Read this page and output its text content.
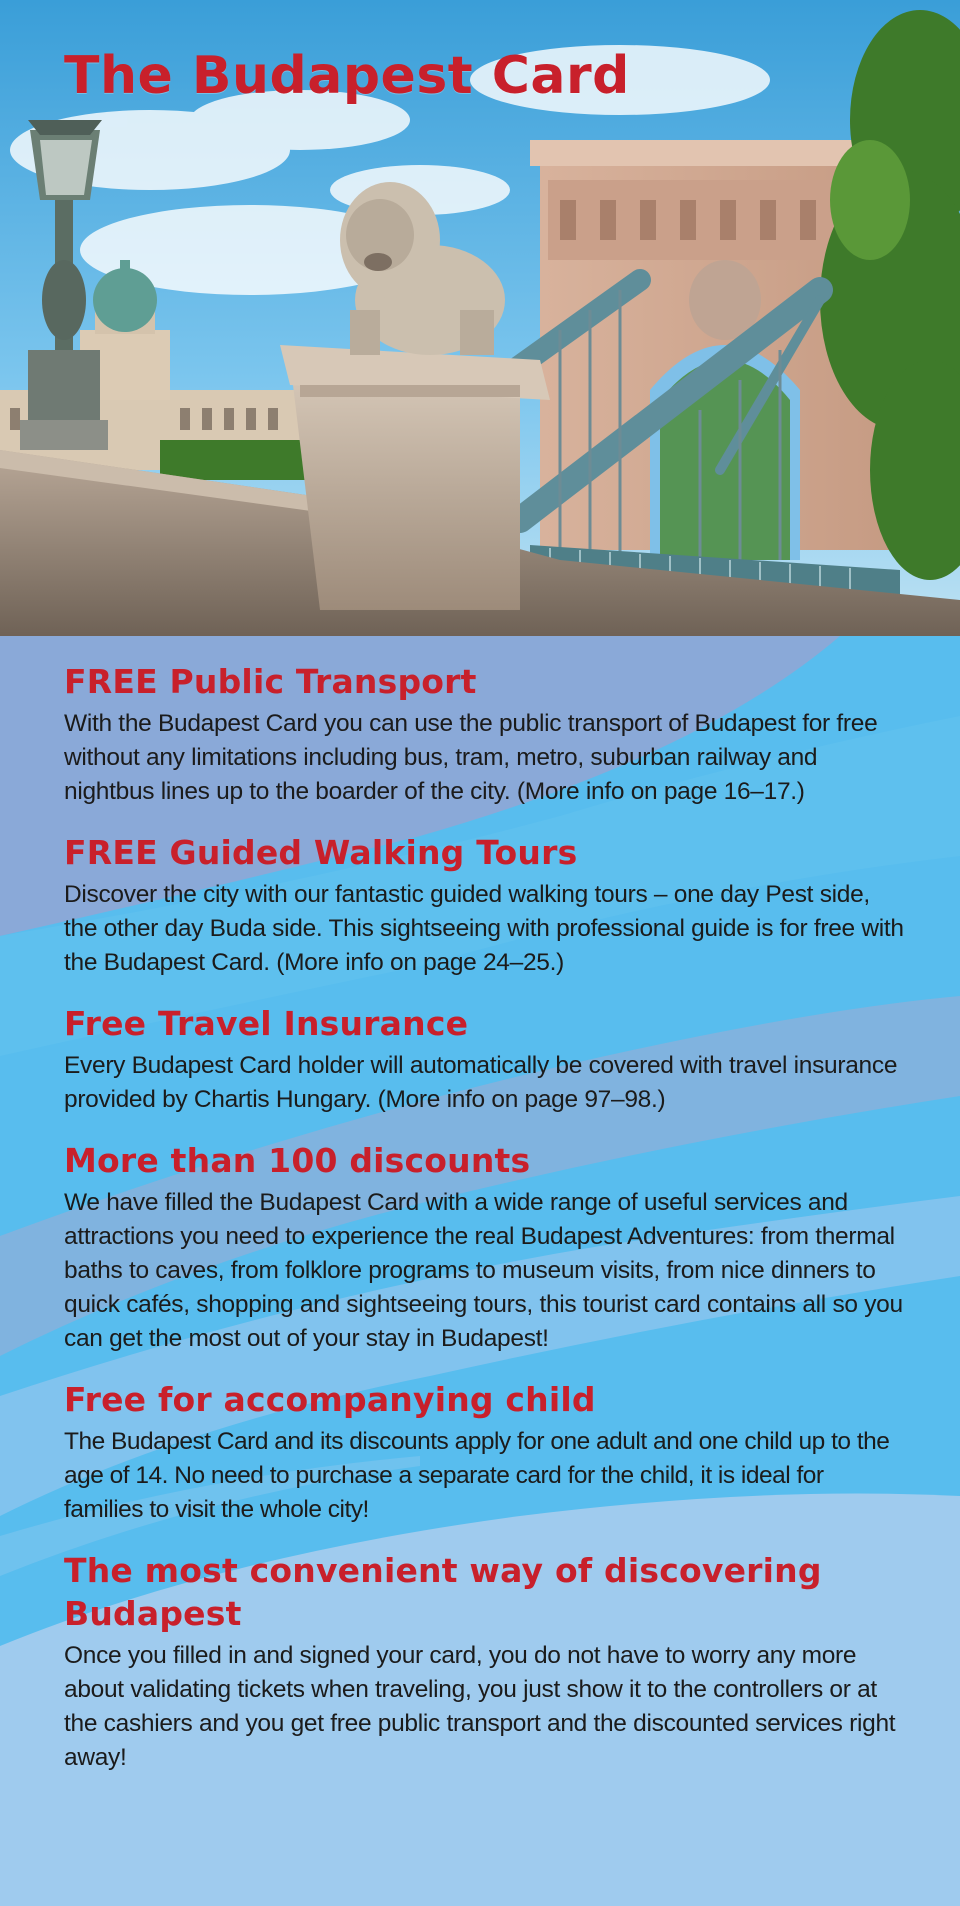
The Budapest Card
FREE Public Transport

With the Budapest Card you can use the public transport of Budapest for free without any limitations including bus, tram, metro, suburban railway and nightbus lines up to the boarder of the city. (More info on page 16–17.)

FREE Guided Walking Tours

Discover the city with our fantastic guided walking tours – one day Pest side, the other day Buda side. This sightseeing with professional guide is for free with the Budapest Card. (More info on page 24–25.)

Free Travel Insurance

Every Budapest Card holder will automatically be covered with travel insurance provided by Chartis Hungary. (More info on page 97–98.)

More than 100 discounts

We have filled the Budapest Card with a wide range of useful services and attractions you need to experience the real Budapest Adventures: from thermal baths to caves, from folklore programs to museum visits, from nice dinners to quick cafés, shopping and sightseeing tours, this tourist card contains all so you can get the most out of your stay in Budapest!

Free for accompanying child

The Budapest Card and its discounts apply for one adult and one child up to the age of 14. No need to purchase a separate card for the child, it is ideal for families to visit the whole city!

The most convenient way of discovering Budapest

Once you filled in and signed your card, you do not have to worry any more about validating tickets when traveling, you just show it to the controllers or at the cashiers and you get free public transport and the discounted services right away!
